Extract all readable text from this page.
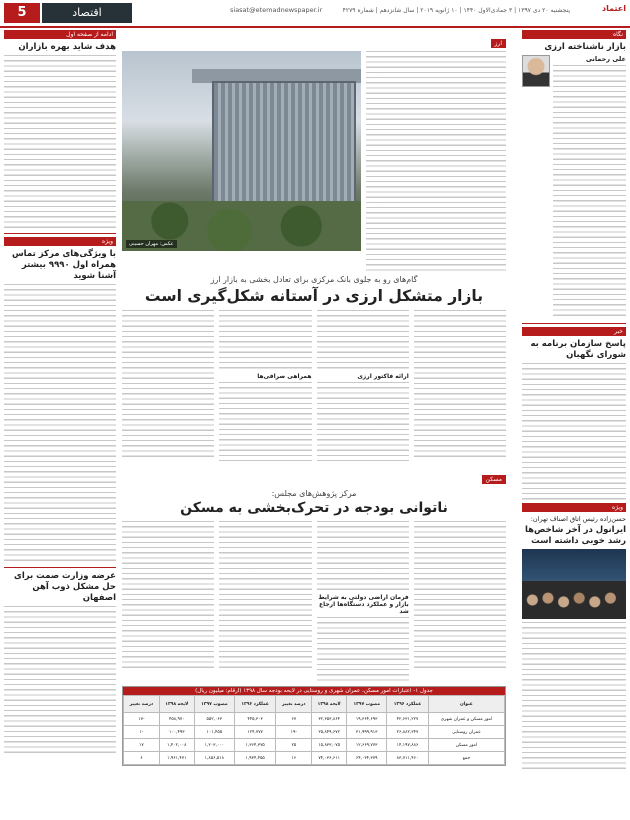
5	اقتصاد	siasat@etemadnewspaper.ir	پنجشنبه ۲۰ دی ۱۳۹۷ | ۳ جمادی‌الاول ۱۴۴۰ | ۱۰ ژانویه ۲۰۱۹ | سال شانزدهم | شماره ۴۲۷۹	اعتماد
نگاه
بازار ناشناخته ارزی
علی رحمانی
خبر
پاسخ سازمان برنامه به شورای نگهبان
ویژه
حسن‌زاده رئیس اتاق اصناف تهران:
ایرانول در آخر شاخص‌ها رشد خوبی داشته است
ارز
عکس: مهران حسینی
گام‌های رو به جلوی بانک مرکزی برای تعادل بخشی به بازار ارز
بازار متشکل ارزی در آستانه شکل‌گیری است
ارائه فاکتور ارزی
همراهی صرافی‌ها
مسکن
مرکز پژوهش‌های مجلس:
ناتوانی بودجه در تحرک‌بخشی به مسکن
فرمان اراضی دولتی به شرایط بازار و عملکرد دستگاه‌ها ارجاع شد
جدول ۱- اعتبارات امور مسکن، عمران شهری و روستایی در لایحه بودجه سال ۱۳۹۸ (ارقام: میلیون ریال)
عنوان	عملکرد ۱۳۹۶	مصوب ۱۳۹۷	لایحه ۱۳۹۸	درصد تغییر	عملکرد ۱۳۹۶	مصوب ۱۳۹۷	لایحه ۱۳۹۸	درصد تغییر
امور مسکن و عمران شهری	۴۲,۶۳۱,۲۲۷	۱۹,۳۶۴,۶۹۳	۳۲,۳۵۳,۸۶۴	۶۷	۴۴۵,۳۰۳	۵۵۲,۰۶۳	۴۵۸,۹۷۰	-۱۷
عمران روستایی	۲۶,۸۸۲,۳۴۷	۳۱,۹۹۹,۹۱۳	۲۵,۸۴۹,۶۷۲	-۱۹	۱۲۴,۷۷۷	۱۰۱,۴۵۵	۱۰۰,۴۹۳	-۱
امور مسکن	۱۴,۱۹۷,۸۸۶	۱۲,۶۶۹,۷۷۳	۱۵,۸۳۳,۰۷۵	۲۵	۱,۳۶۴,۳۷۵	۱,۲۰۳,۰۰۰	۱,۴۰۲,۰۰۸	۱۷
جمع	۸۳,۷۱۱,۴۶۰	۶۴,۰۳۴,۳۷۹	۷۴,۰۳۶,۶۱۱	۱۶	۱,۹۳۴,۴۵۵	۱,۸۵۶,۵۱۸	۱,۹۶۱,۴۷۱	۶
ادامه از صفحه اول
هدف شاید بهره بازاران
ویژه
با ویژگی‌های مرکز تماس همراه اول ۹۹۹۰ بیشتر آشنا شوید
عرضه وزارت صمت برای حل مشکل ذوب آهن اصفهان
